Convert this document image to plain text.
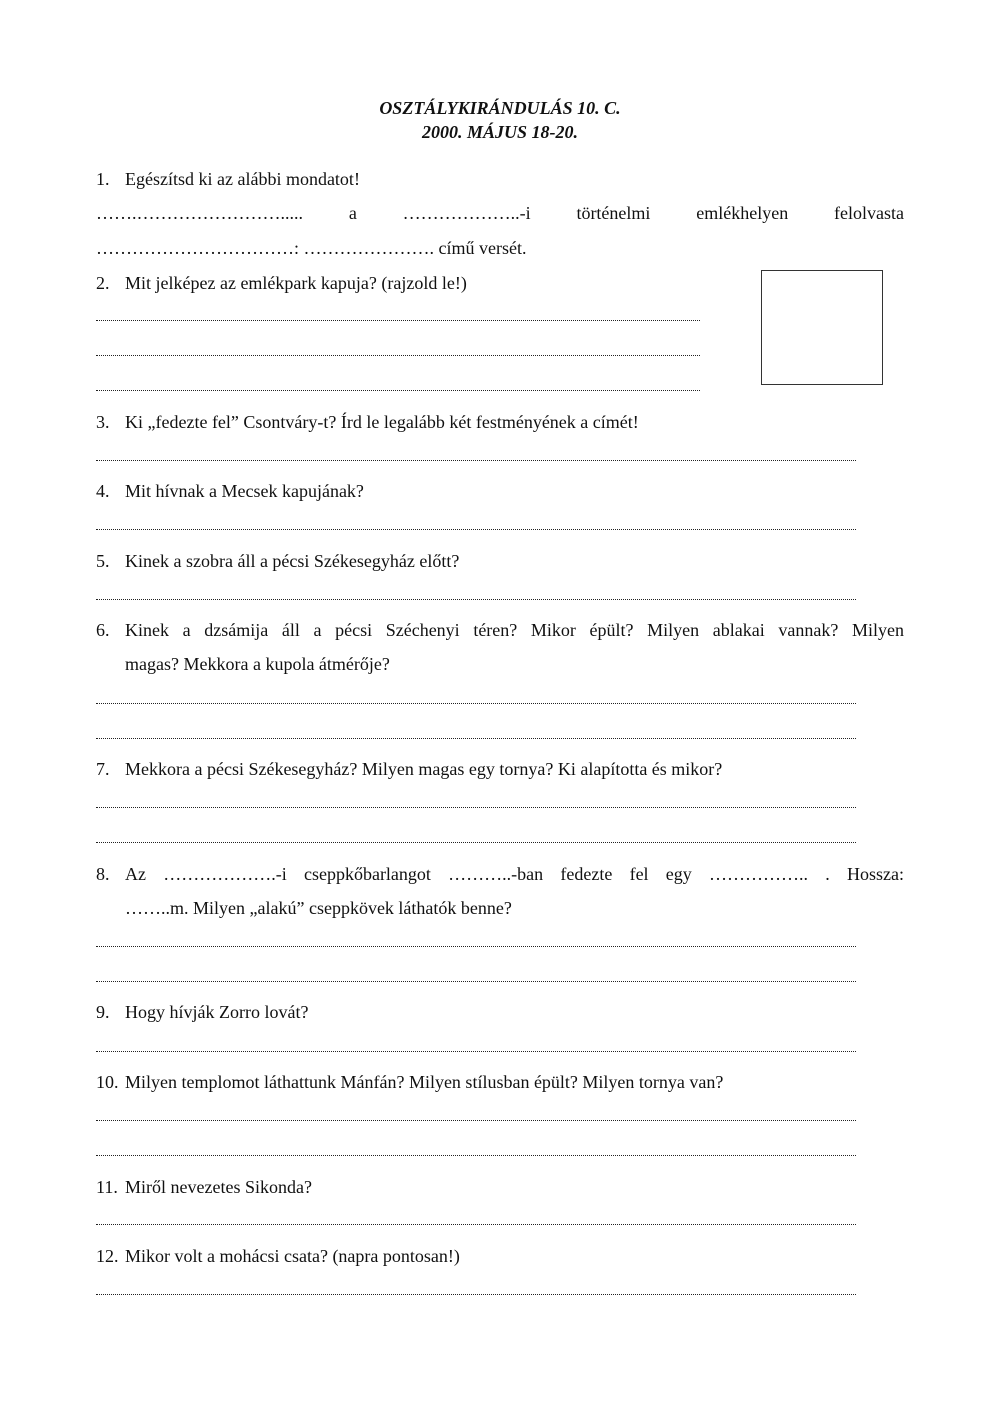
OSZTÁLYKIRÁNDULÁS 10. C.
2000. MÁJUS 18-20.
1. Egészítsd ki az alábbi mondatot!
…….…………………….....	a	………………..-i	történelmi	emlékhelyen	felolvasta
……………………………: …………………. című versét.
2. Mit jelképez az emlékpark kapuja? (rajzold le!)
3. Ki „fedezte fel” Csontváry-t? Írd le legalább két festményének a címét!
4. Mit hívnak a Mecsek kapujának?
5. Kinek a szobra áll a pécsi Székesegyház előtt?
6. Kinek a dzsámija áll a pécsi Széchenyi téren? Mikor épült? Milyen ablakai vannak? Milyen
magas? Mekkora a kupola átmérője?
7. Mekkora a pécsi Székesegyház? Milyen magas egy tornya? Ki alapította és mikor?
8. Az ……………….-i cseppkőbarlangot ………..-ban fedezte fel egy …………….. . Hossza:
……..m. Milyen „alakú” cseppkövek láthatók benne?
9. Hogy hívják Zorro lovát?
10. Milyen templomot láthattunk Mánfán? Milyen stílusban épült? Milyen tornya van?
11. Miről nevezetes Sikonda?
12. Mikor volt a mohácsi csata? (napra pontosan!)
